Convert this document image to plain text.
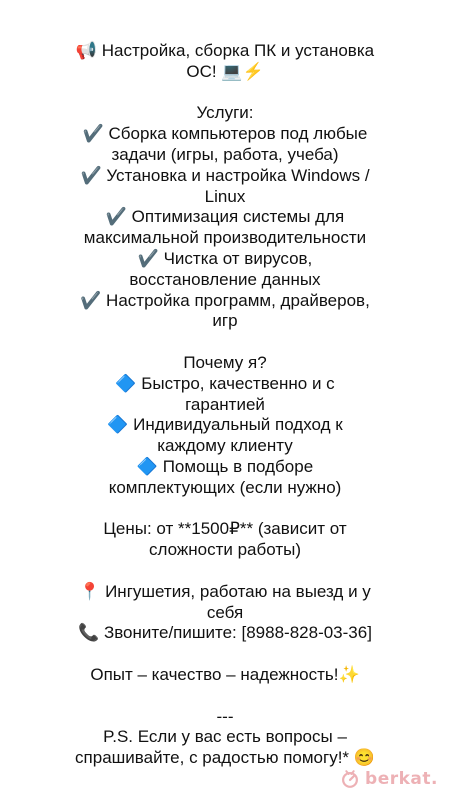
📢 Настройка, сборка ПК и установка
ОС! 💻⚡
Услуги:
✔️ Сборка компьютеров под любые
задачи (игры, работа, учеба)
✔️ Установка и настройка Windows /
Linux
✔️ Оптимизация системы для
максимальной производительности
✔️ Чистка от вирусов,
восстановление данных
✔️ Настройка программ, драйверов,
игр
Почему я?
🔷 Быстро, качественно и с
гарантией
🔷 Индивидуальный подход к
каждому клиенту
🔷 Помощь в подборе
комплектующих (если нужно)
Цены: от **1500₽** (зависит от
сложности работы)
📍 Ингушетия, работаю на выезд и у
себя
📞 Звоните/пишите: [8988-828-03-36]
Опыт – качество – надежность!✨
---
P.S. Если у вас есть вопросы –
спрашивайте, с радостью помогу!* 😊
berkat.
